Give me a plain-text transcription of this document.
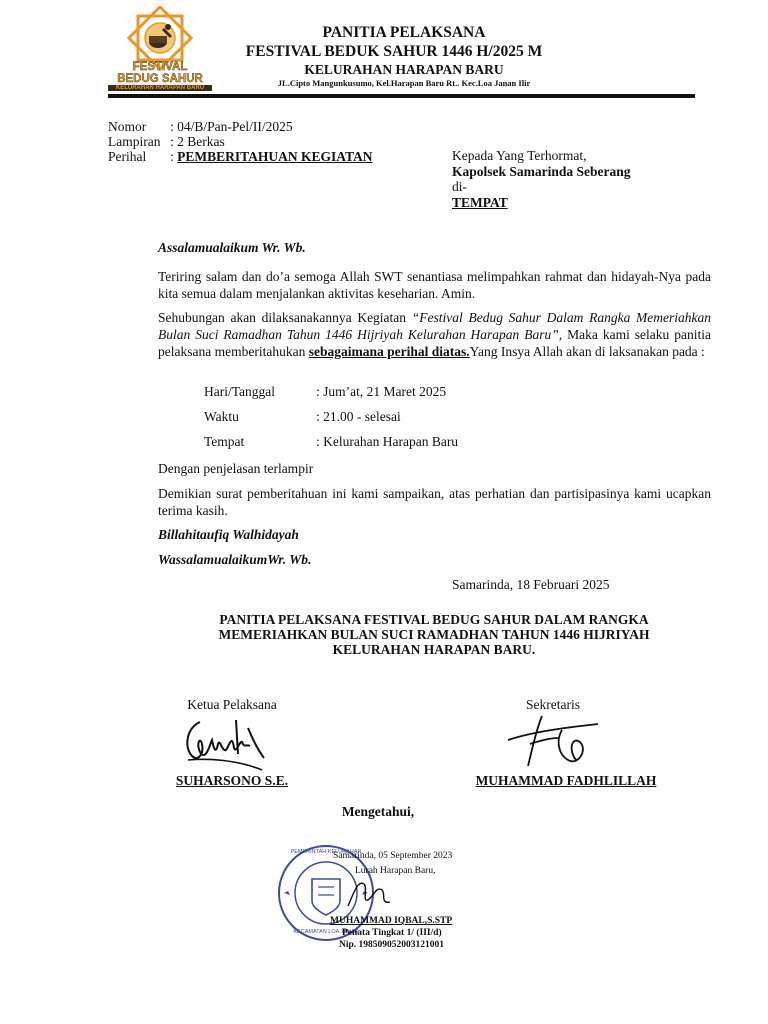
FESTIVAL
BEDUG SAHUR
KELURAHAN HARAPAN BARU
PANITIA PELAKSANA
FESTIVAL BEDUK SAHUR 1446 H/2025 M
KELURAHAN HARAPAN BARU
JL.Cipto Mangunkusumo, Kel.Harapan Baru Rt.. Kec.Loa Janan Ilir
Nomor : 04/B/Pan-Pel/II/2025
Lampiran : 2 Berkas
Perihal : PEMBERITAHUAN KEGIATAN	Kepada Yang Terhormat,
Kapolsek Samarinda Seberang
di-
TEMPAT
Assalamualaikum Wr. Wb.
Teriring salam dan do’a semoga Allah SWT senantiasa melimpahkan rahmat dan hidayah-Nya pada kita semua dalam menjalankan aktivitas keseharian. Amin.
Sehubungan akan dilaksanakannya Kegiatan “Festival Bedug Sahur Dalam Rangka Memeriahkan Bulan Suci Ramadhan Tahun 1446 Hijriyah Kelurahan Harapan Baru”, Maka kami selaku panitia pelaksana memberitahukan sebagaimana perihal diatas.Yang Insya Allah akan di laksanakan pada :
Hari/Tanggal	: Jum’at, 21 Maret 2025
Waktu	: 21.00 - selesai
Tempat	: Kelurahan Harapan Baru
Dengan penjelasan terlampir
Demikian surat pemberitahuan ini kami sampaikan, atas perhatian dan partisipasinya kami ucapkan terima kasih.
Billahitaufiq Walhidayah
WassalamualaikumWr. Wb.
Samarinda, 18 Februari 2025
PANITIA PELAKSANA FESTIVAL BEDUG SAHUR DALAM RANGKA
MEMERIAHKAN BULAN SUCI RAMADHAN TAHUN 1446 HIJRIYAH
KELURAHAN HARAPAN BARU.
Ketua Pelaksana
SUHARSONO S.E.
Sekretaris
MUHAMMAD FADHLILLAH
Mengetahui,
PEMERINTAH KELURAHAN
KECAMATAN LOA JANAN
Samarinda, 05 September 2023
Lurah Harapan Baru,
MUHAMMAD IQBAL,S.STP
Penata Tingkat 1/ (III/d)
Nip. 198509052003121001
